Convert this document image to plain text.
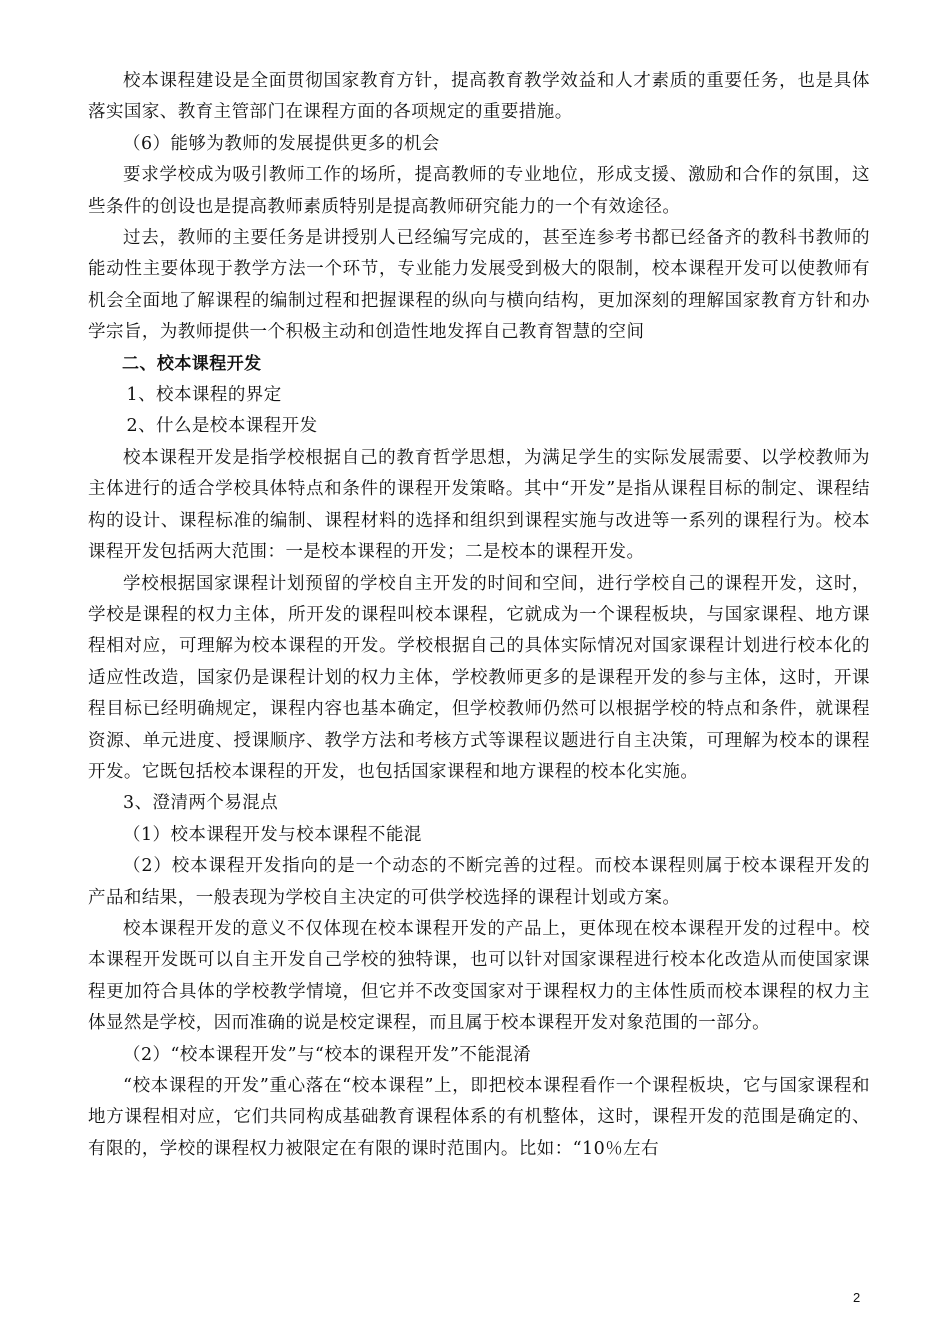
校本课程建设是全面贯彻国家教育方针，提高教育教学效益和人才素质的重要任务，也是具体落实国家、教育主管部门在课程方面的各项规定的重要措施。

（6）能够为教师的发展提供更多的机会

要求学校成为吸引教师工作的场所，提高教师的专业地位，形成支援、激励和合作的氛围，这些条件的创设也是提高教师素质特别是提高教师研究能力的一个有效途径。

过去，教师的主要任务是讲授别人已经编写完成的，甚至连参考书都已经备齐的教科书教师的能动性主要体现于教学方法一个环节，专业能力发展受到极大的限制，校本课程开发可以使教师有机会全面地了解课程的编制过程和把握课程的纵向与横向结构，更加深刻的理解国家教育方针和办学宗旨，为教师提供一个积极主动和创造性地发挥自己教育智慧的空间

二、校本课程开发

1、校本课程的界定

2、什么是校本课程开发

校本课程开发是指学校根据自己的教育哲学思想，为满足学生的实际发展需要、以学校教师为主体进行的适合学校具体特点和条件的课程开发策略。其中“开发”是指从课程目标的制定、课程结构的设计、课程标准的编制、课程材料的选择和组织到课程实施与改进等一系列的课程行为。校本课程开发包括两大范围：一是校本课程的开发；二是校本的课程开发。

学校根据国家课程计划预留的学校自主开发的时间和空间，进行学校自己的课程开发，这时，学校是课程的权力主体，所开发的课程叫校本课程，它就成为一个课程板块，与国家课程、地方课程相对应，可理解为校本课程的开发。学校根据自己的具体实际情况对国家课程计划进行校本化的适应性改造，国家仍是课程计划的权力主体，学校教师更多的是课程开发的参与主体，这时，开课程目标已经明确规定，课程内容也基本确定，但学校教师仍然可以根据学校的特点和条件，就课程资源、单元进度、授课顺序、教学方法和考核方式等课程议题进行自主决策，可理解为校本的课程开发。它既包括校本课程的开发，也包括国家课程和地方课程的校本化实施。

3、澄清两个易混点

（1）校本课程开发与校本课程不能混

（2）校本课程开发指向的是一个动态的不断完善的过程。而校本课程则属于校本课程开发的产品和结果，一般表现为学校自主决定的可供学校选择的课程计划或方案。

校本课程开发的意义不仅体现在校本课程开发的产品上，更体现在校本课程开发的过程中。校本课程开发既可以自主开发自己学校的独特课，也可以针对国家课程进行校本化改造从而使国家课程更加符合具体的学校教学情境，但它并不改变国家对于课程权力的主体性质而校本课程的权力主体显然是学校，因而准确的说是校定课程，而且属于校本课程开发对象范围的一部分。

（2）“校本课程开发”与“校本的课程开发”不能混淆

“校本课程的开发”重心落在“校本课程”上，即把校本课程看作一个课程板块，它与国家课程和地方课程相对应，它们共同构成基础教育课程体系的有机整体，这时，课程开发的范围是确定的、有限的，学校的课程权力被限定在有限的课时范围内。比如：“10％左右

2
